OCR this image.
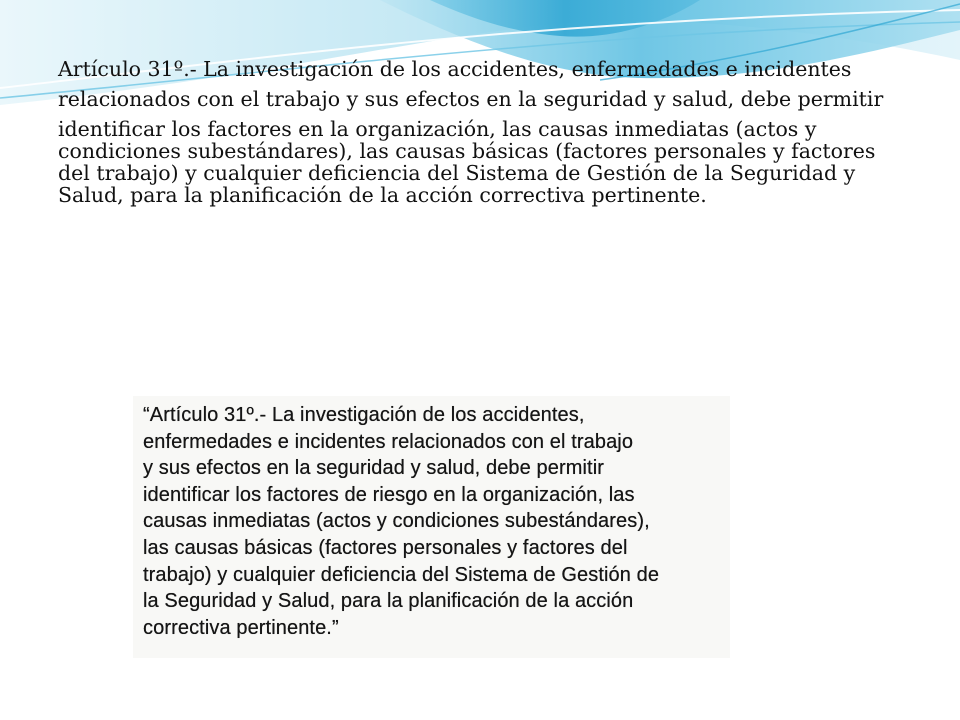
Artículo 31º.- La investigación de los accidentes, enfermedades e incidentes

relacionados con el trabajo y sus efectos en la seguridad y salud, debe permitir

identificar los factores en la organización, las causas inmediatas (actos y condiciones subestándares), las causas básicas (factores personales y factores del trabajo) y cualquier deficiencia del Sistema de Gestión de la Seguridad y Salud, para la planificación de la acción correctiva pertinente.

“Artículo 31º.- La investigación de los accidentes,
enfermedades e incidentes relacionados con el trabajo
y sus efectos en la seguridad y salud, debe permitir
identificar los factores de riesgo en la organización, las
causas inmediatas (actos y condiciones subestándares),
las causas básicas (factores personales y factores del
trabajo) y cualquier deficiencia del Sistema de Gestión de
la Seguridad y Salud, para la planificación de la acción
correctiva pertinente.”
